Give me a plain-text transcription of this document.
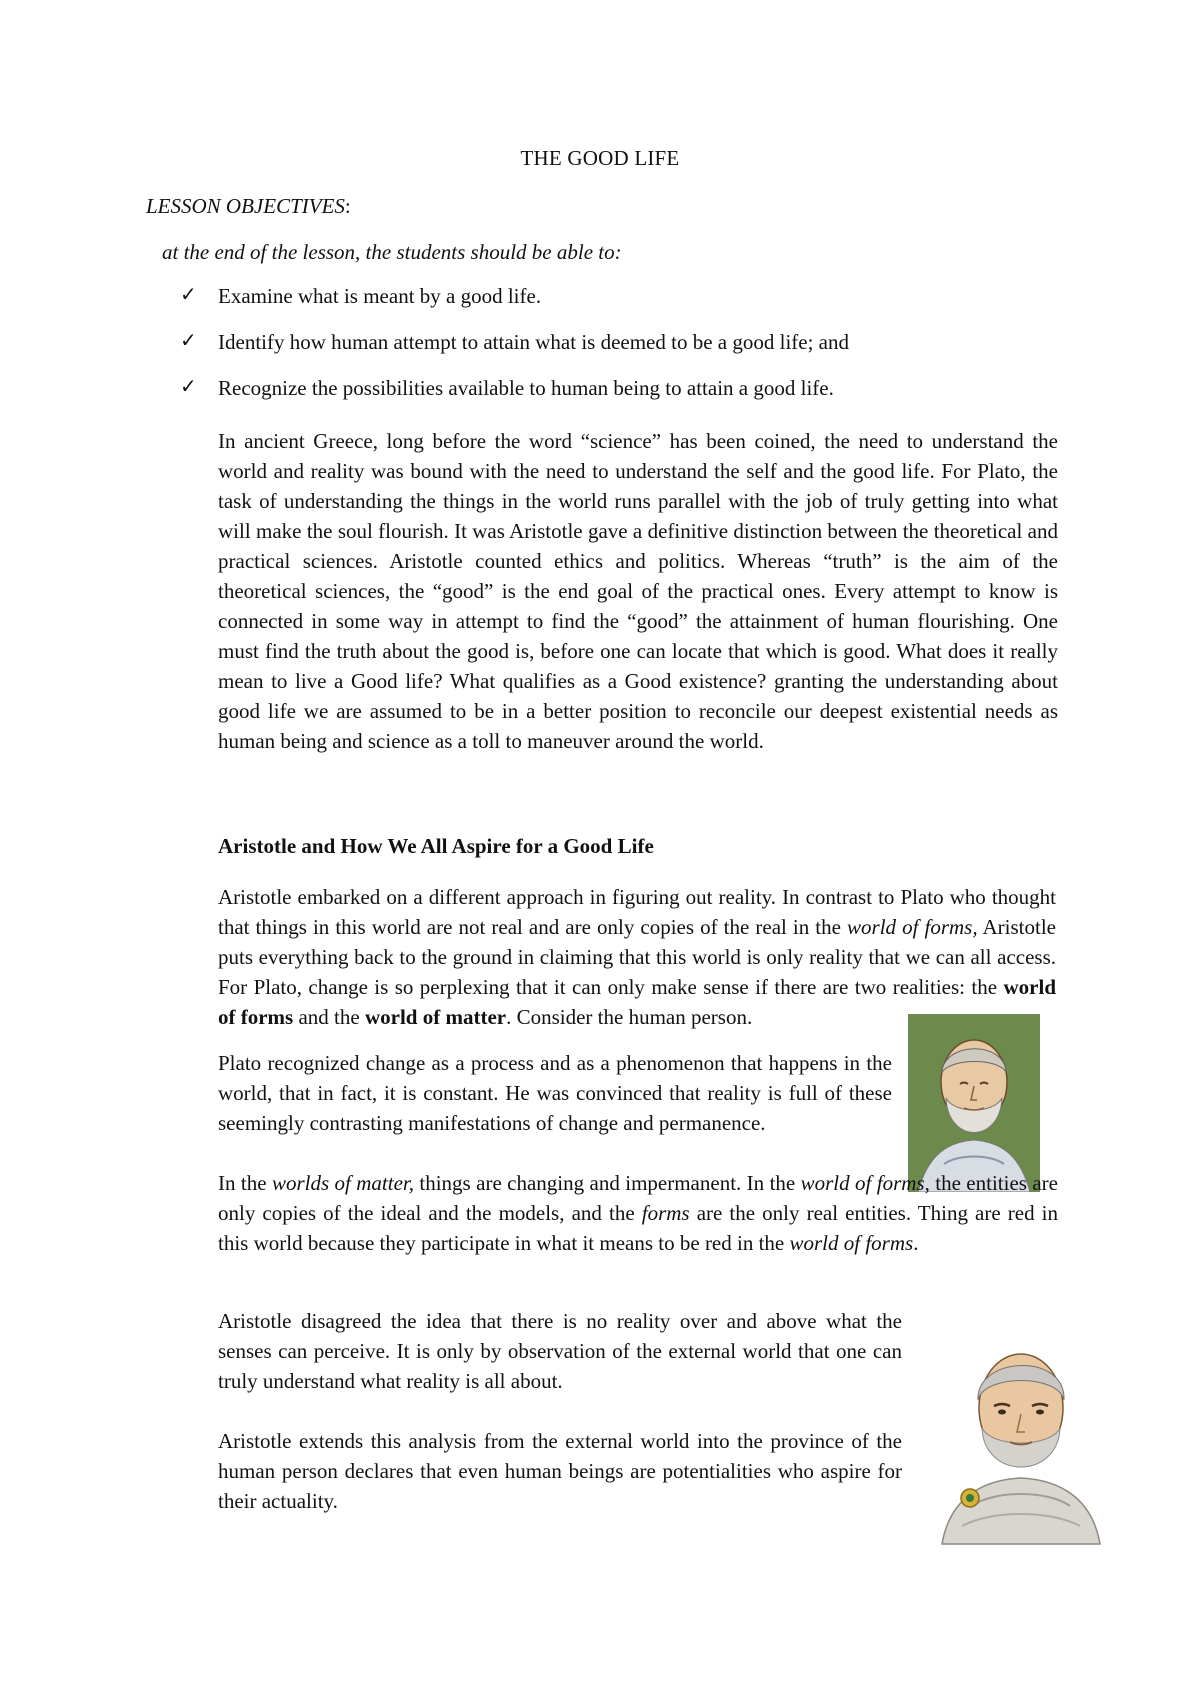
THE GOOD LIFE
LESSON OBJECTIVES:
at the end of the lesson, the students should be able to:
✓ Examine what is meant by a good life.
✓ Identify how human attempt to attain what is deemed to be a good life; and
✓ Recognize the possibilities available to human being to attain a good life.

In ancient Greece, long before the word “science” has been coined, the need to understand the world and reality was bound with the need to understand the self and the good life. For Plato, the task of understanding the things in the world runs parallel with the job of truly getting into what will make the soul flourish. It was Aristotle gave a definitive distinction between the theoretical and practical sciences. Aristotle counted ethics and politics. Whereas “truth” is the aim of the theoretical sciences, the “good” is the end goal of the practical ones. Every attempt to know is connected in some way in attempt to find the “good” the attainment of human flourishing. One must find the truth about the good is, before one can locate that which is good. What does it really mean to live a Good life? What qualifies as a Good existence? granting the understanding about good life we are assumed to be in a better position to reconcile our deepest existential needs as human being and science as a toll to maneuver around the world.

Aristotle and How We All Aspire for a Good Life

Aristotle embarked on a different approach in figuring out reality. In contrast to Plato who thought that things in this world are not real and are only copies of the real in the world of forms, Aristotle puts everything back to the ground in claiming that this world is only reality that we can all access. For Plato, change is so perplexing that it can only make sense if there are two realities: the world of forms and the world of matter. Consider the human person.

Plato recognized change as a process and as a phenomenon that happens in the world, that in fact, it is constant. He was convinced that reality is full of these seemingly contrasting manifestations of change and permanence.

In the worlds of matter, things are changing and impermanent. In the world of forms, the entities are only copies of the ideal and the models, and the forms are the only real entities. Thing are red in this world because they participate in what it means to be red in the world of forms.

Aristotle disagreed the idea that there is no reality over and above what the senses can perceive. It is only by observation of the external world that one can truly understand what reality is all about.

Aristotle extends this analysis from the external world into the province of the human person declares that even human beings are potentialities who aspire for their actuality.
